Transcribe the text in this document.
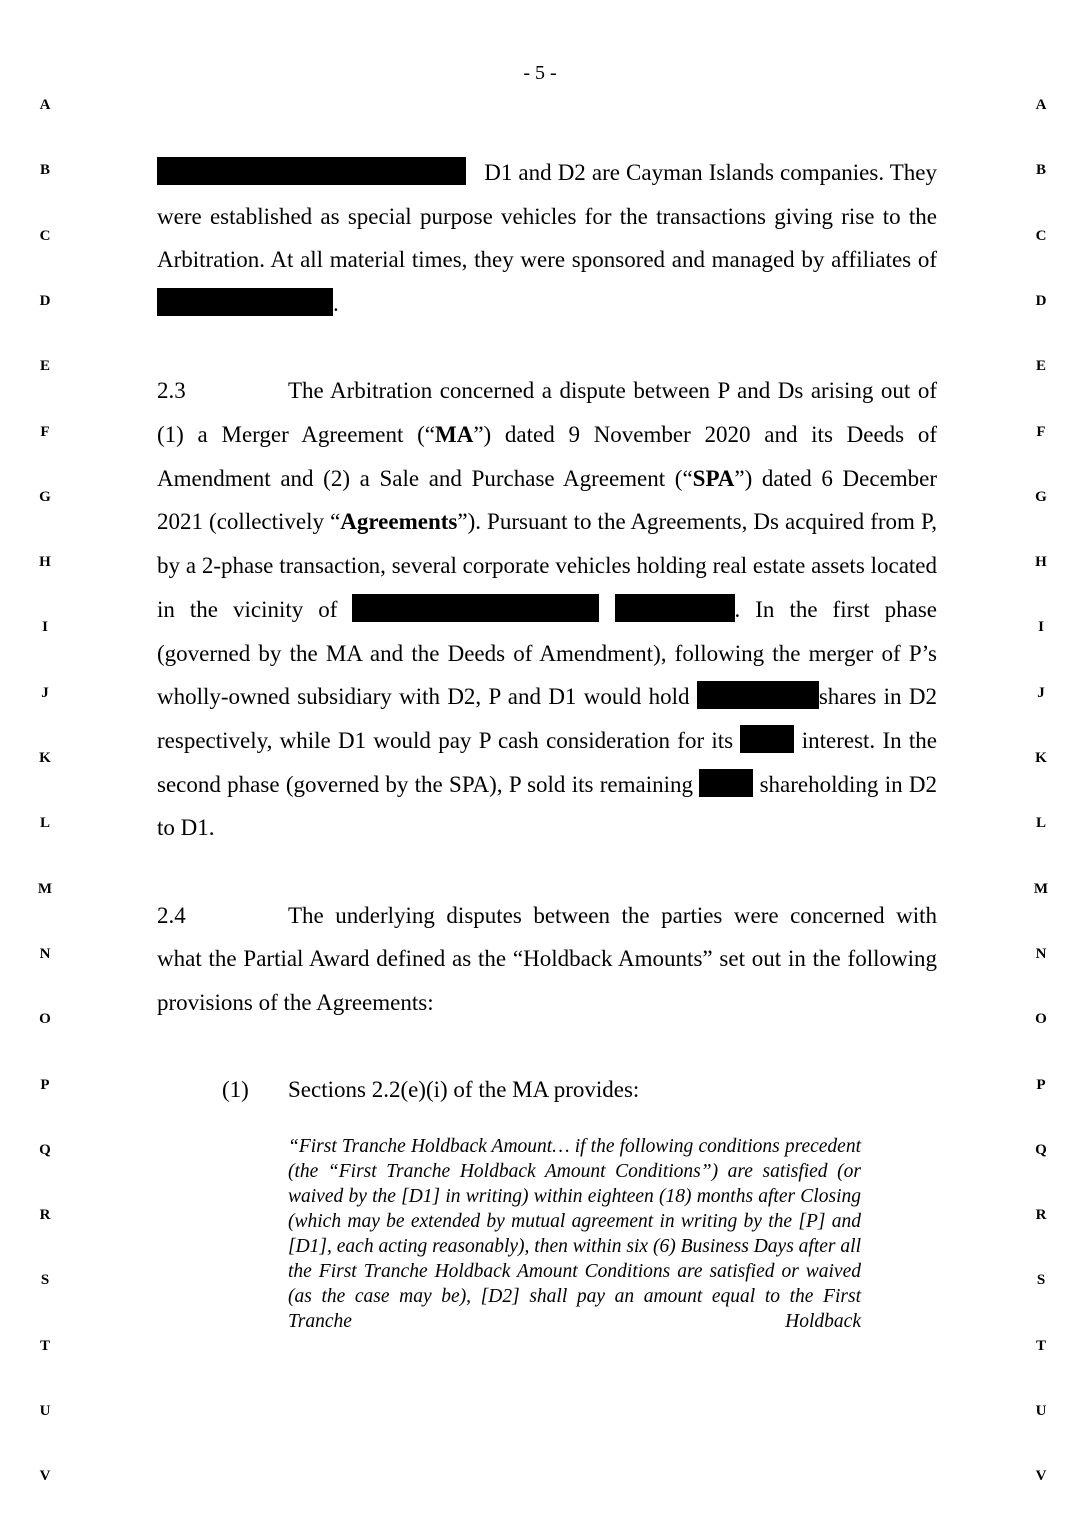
- 5 -
A
B
C
D
E
F
G
H
I
J
K
L
M
N
O
P
Q
R
S
T
U
V
A
B
C
D
E
F
G
H
I
J
K
L
M
N
O
P
Q
R
S
T
U
V

D1 and D2 are Cayman Islands companies. They were established as special purpose vehicles for the transactions giving rise to the Arbitration. At all material times, they were sponsored and managed by affiliates of .

2.3	The Arbitration concerned a dispute between P and Ds arising out of (1) a Merger Agreement (“MA”) dated 9 November 2020 and its Deeds of Amendment and (2) a Sale and Purchase Agreement (“SPA”) dated 6 December 2021 (collectively “Agreements”). Pursuant to the Agreements, Ds acquired from P, by a 2-phase transaction, several corporate vehicles holding real estate assets located in the vicinity of	. In the first phase (governed by the MA and the Deeds of Amendment), following the merger of P’s wholly-owned subsidiary with D2, P and D1 would hold	shares in D2 respectively, while D1 would pay P cash consideration for its	interest. In the second phase (governed by the SPA), P sold its remaining	shareholding in D2 to D1.

2.4	The underlying disputes between the parties were concerned with what the Partial Award defined as the “Holdback Amounts” set out in the following provisions of the Agreements:

(1) Sections 2.2(e)(i) of the MA provides:
“First Tranche Holdback Amount… if the following conditions precedent (the “First Tranche Holdback Amount Conditions”) are satisfied (or waived by the [D1] in writing) within eighteen (18) months after Closing (which may be extended by mutual agreement in writing by the [P] and [D1], each acting reasonably), then within six (6) Business Days after all the First Tranche Holdback Amount Conditions are satisfied or waived (as the case may be), [D2] shall pay an amount equal to the First Tranche Holdback
